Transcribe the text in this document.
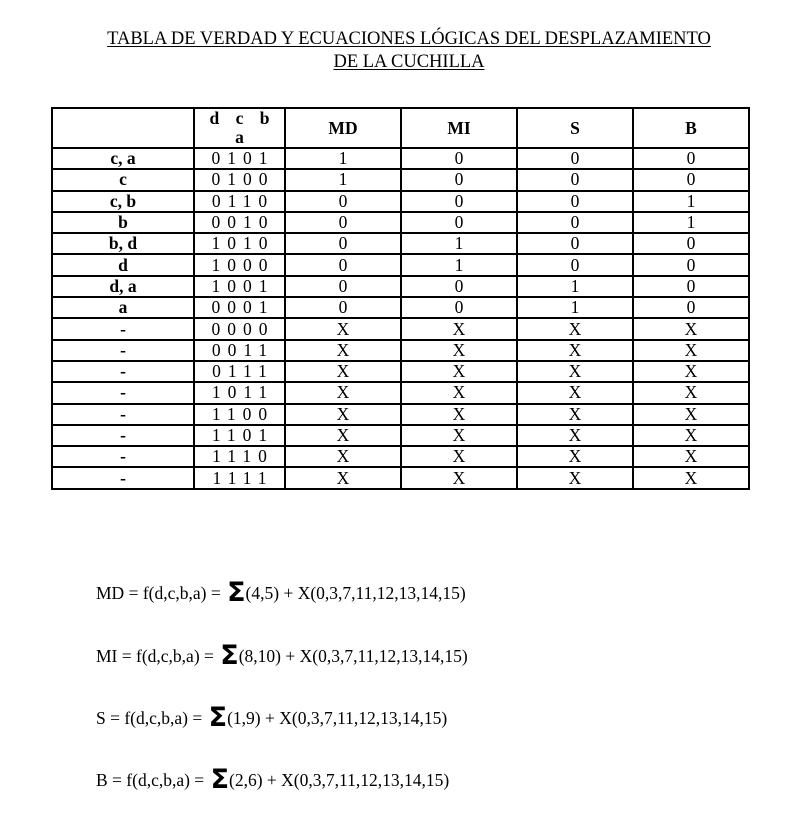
TABLA DE VERDAD Y ECUACIONES LÓGICAS DEL DESPLAZAMIENTO
DE LA CUCHILLA
	d c b a	MD	MI	S	B
c, a	0101	1	0	0	0
c	0100	1	0	0	0
c, b	0110	0	0	0	1
b	0010	0	0	0	1
b, d	1010	0	1	0	0
d	1000	0	1	0	0
d, a	1001	0	0	1	0
a	0001	0	0	1	0
-	0000	X	X	X	X
-	0011	X	X	X	X
-	0111	X	X	X	X
-	1011	X	X	X	X
-	1100	X	X	X	X
-	1101	X	X	X	X
-	1110	X	X	X	X
-	1111	X	X	X	X
MD = f(d,c,b,a) = Σ(4,5) + X(0,3,7,11,12,13,14,15)
MI = f(d,c,b,a) = Σ(8,10) + X(0,3,7,11,12,13,14,15)
S = f(d,c,b,a) = Σ(1,9) + X(0,3,7,11,12,13,14,15)
B = f(d,c,b,a) = Σ(2,6) + X(0,3,7,11,12,13,14,15)
